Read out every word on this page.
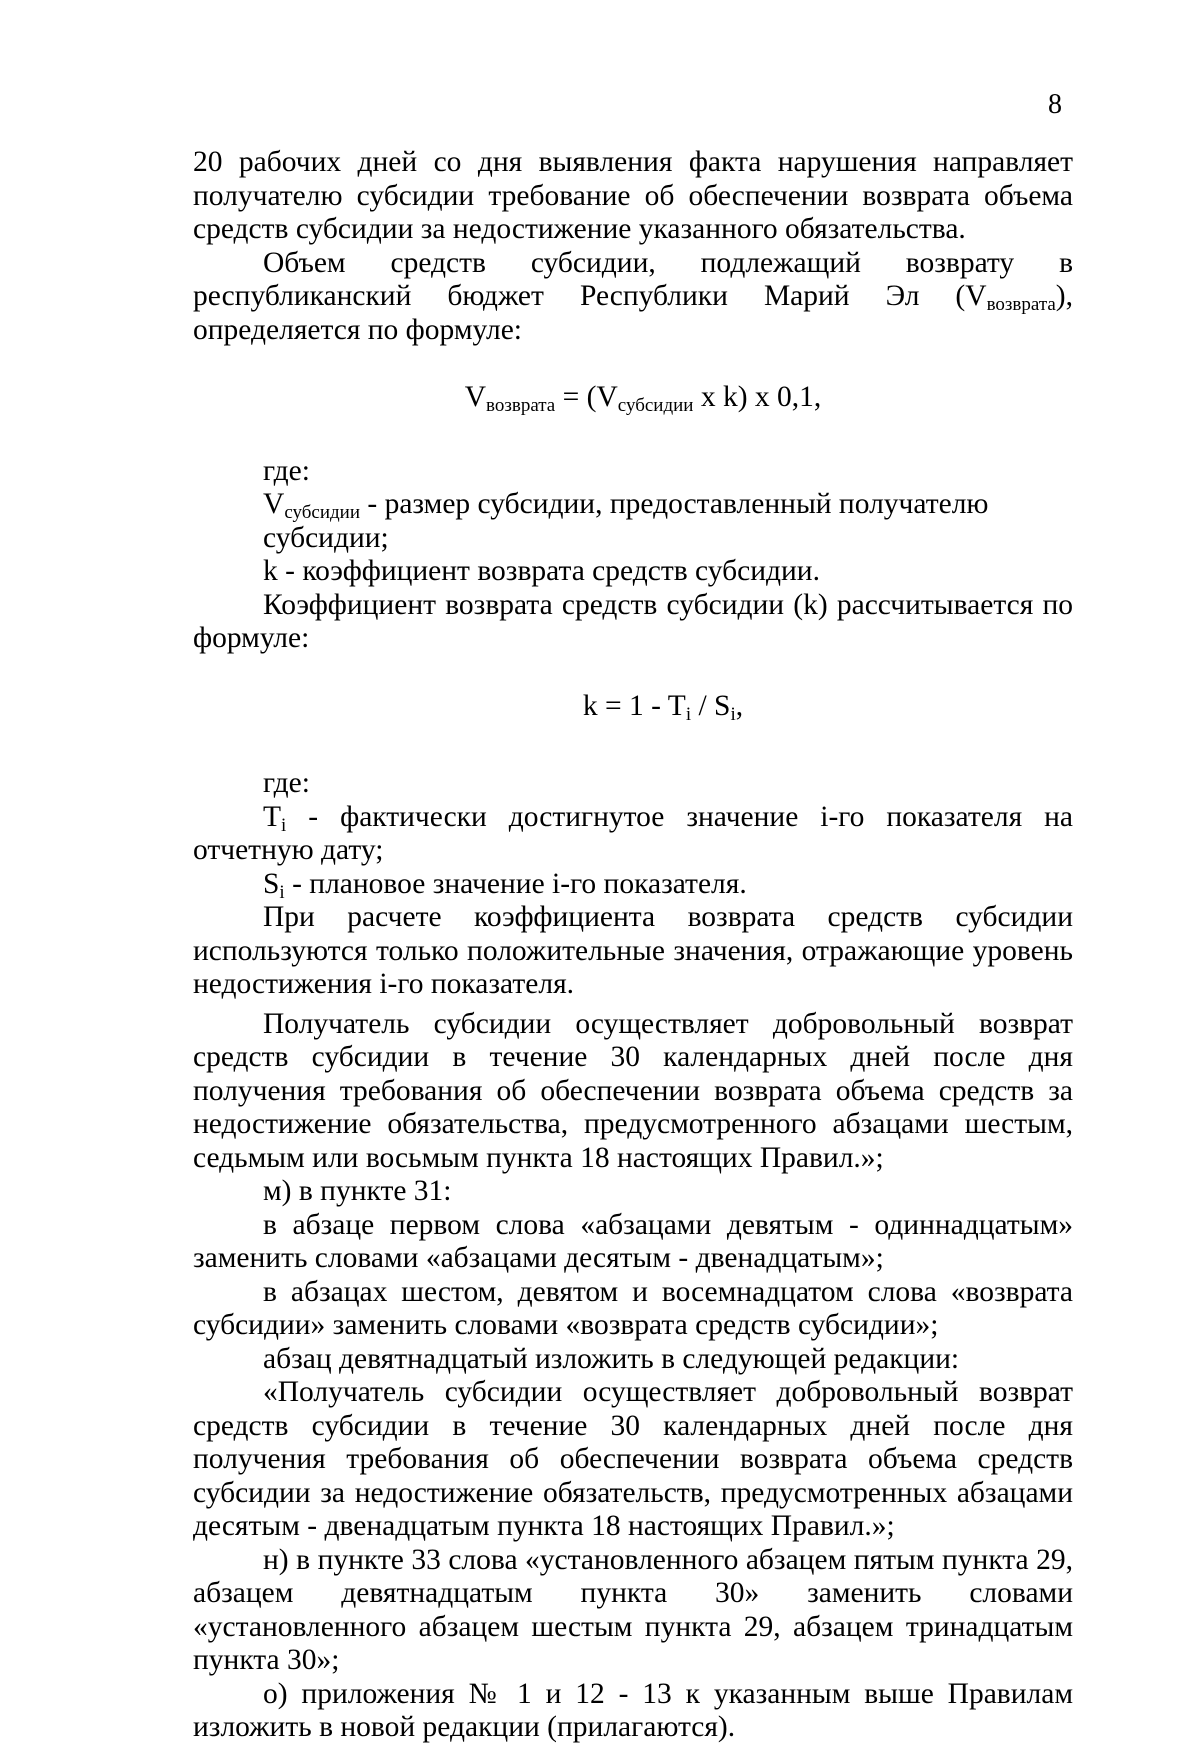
8

20 рабочих дней со дня выявления факта нарушения направляет получателю субсидии требование об обеспечении возврата объема средств субсидии за недостижение указанного обязательства.

Объем средств субсидии, подлежащий возврату в республиканский бюджет Республики Марий Эл $(V_{возврата})$, определяется по формуле:

$V_{возврата} = (V_{субсидии}$ x k) x 0,1,

где:

$V_{субсидии}$ - размер субсидии, предоставленный получателю субсидии;

k - коэффициент возврата средств субсидии.

Коэффициент возврата средств субсидии (k) рассчитывается по формуле:

$k = 1 - T_i / S_i$,

где:

$T_i$ - фактически достигнутое значение i-го показателя на отчетную дату;

$S_i$ - плановое значение i-го показателя.

При расчете коэффициента возврата средств субсидии используются только положительные значения, отражающие уровень недостижения i-го показателя.

Получатель субсидии осуществляет добровольный возврат средств субсидии в течение 30 календарных дней после дня получения требования об обеспечении возврата объема средств за недостижение обязательства, предусмотренного абзацами шестым, седьмым или восьмым пункта 18 настоящих Правил.»;

м) в пункте 31:

в абзаце первом слова «абзацами девятым - одиннадцатым» заменить словами «абзацами десятым - двенадцатым»;

в абзацах шестом, девятом и восемнадцатом слова «возврата субсидии» заменить словами «возврата средств субсидии»;

абзац девятнадцатый изложить в следующей редакции:

«Получатель субсидии осуществляет добровольный возврат средств субсидии в течение 30 календарных дней после дня получения требования об обеспечении возврата объема средств субсидии за недостижение обязательств, предусмотренных абзацами десятым - двенадцатым пункта 18 настоящих Правил.»;

н) в пункте 33 слова «установленного абзацем пятым пункта 29, абзацем девятнадцатым пункта 30» заменить словами «установленного абзацем шестым пункта 29, абзацем тринадцатым пункта 30»;

о) приложения № 1 и 12 - 13 к указанным выше Правилам изложить в новой редакции (прилагаются).
